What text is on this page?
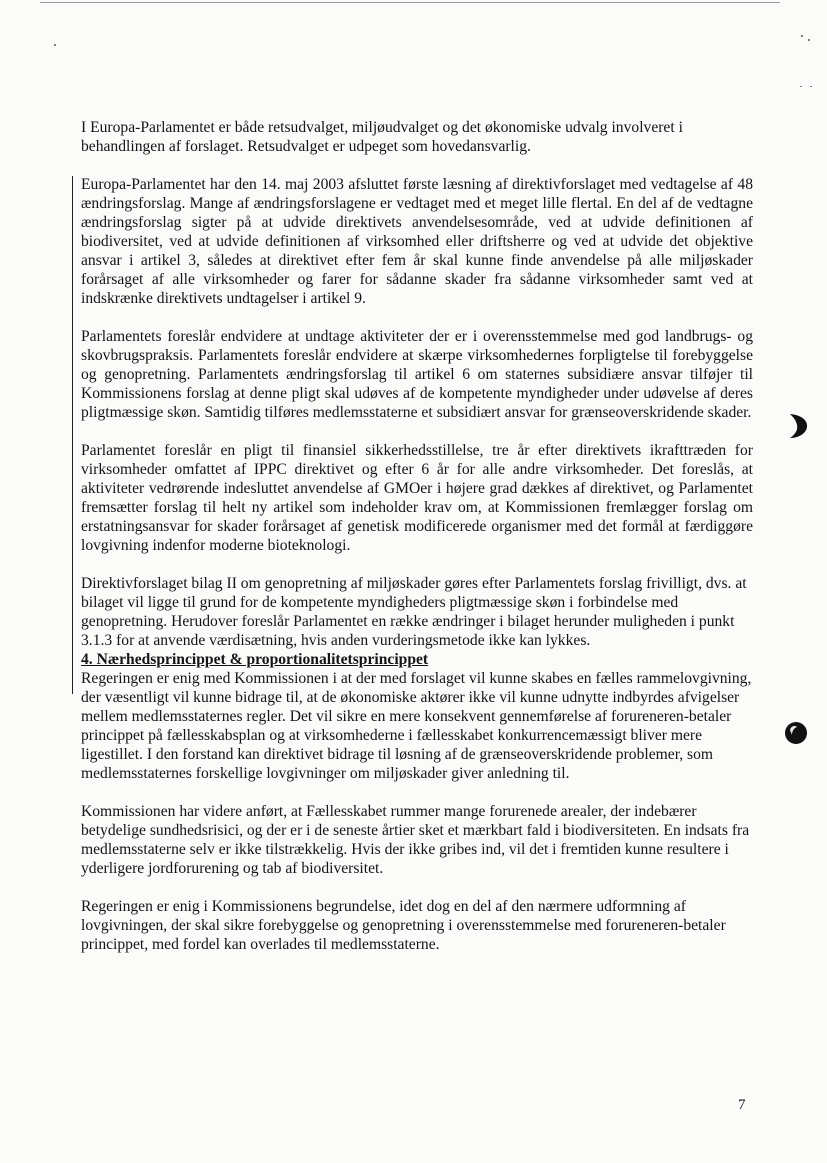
I Europa-Parlamentet er både retsudvalget, miljøudvalget og det økonomiske udvalg involveret i behandlingen af forslaget. Retsudvalget er udpeget som hovedansvarlig.

Europa-Parlamentet har den 14. maj 2003 afsluttet første læsning af direktivforslaget med vedtagelse af 48 ændringsforslag. Mange af ændringsforslagene er vedtaget med et meget lille flertal. En del af de vedtagne ændringsforslag sigter på at udvide direktivets anvendelsesområde, ved at udvide definitionen af biodiversitet, ved at udvide definitionen af virksomhed eller driftsherre og ved at udvide det objektive ansvar i artikel 3, således at direktivet efter fem år skal kunne finde anvendelse på alle miljøskader forårsaget af alle virksomheder og farer for sådanne skader fra sådanne virksomheder samt ved at indskrænke direktivets undtagelser i artikel 9.

Parlamentets foreslår endvidere at undtage aktiviteter der er i overensstemmelse med god landbrugs- og skovbrugspraksis. Parlamentets foreslår endvidere at skærpe virksomhedernes forpligtelse til forebyggelse og genopretning. Parlamentets ændringsforslag til artikel 6 om staternes subsidiære ansvar tilføjer til Kommissionens forslag at denne pligt skal udøves af de kompetente myndigheder under udøvelse af deres pligtmæssige skøn. Samtidig tilføres medlemsstaterne et subsidiært ansvar for grænseoverskridende skader.

Parlamentet foreslår en pligt til finansiel sikkerhedsstillelse, tre år efter direktivets ikrafttræden for virksomheder omfattet af IPPC direktivet og efter 6 år for alle andre virksomheder. Det foreslås, at aktiviteter vedrørende indesluttet anvendelse af GMOer i højere grad dækkes af direktivet, og Parlamentet fremsætter forslag til helt ny artikel som indeholder krav om, at Kommissionen fremlægger forslag om erstatningsansvar for skader forårsaget af genetisk modificerede organismer med det formål at færdiggøre lovgivning indenfor moderne bioteknologi.

Direktivforslaget bilag II om genopretning af miljøskader gøres efter Parlamentets forslag frivilligt, dvs. at bilaget vil ligge til grund for de kompetente myndigheders pligtmæssige skøn i forbindelse med genopretning. Herudover foreslår Parlamentet en række ændringer i bilaget herunder muligheden i punkt 3.1.3 for at anvende værdisætning, hvis anden vurderingsmetode ikke kan lykkes.

4. Nærhedsprincippet & proportionalitetsprincippet

Regeringen er enig med Kommissionen i at der med forslaget vil kunne skabes en fælles rammelovgivning, der væsentligt vil kunne bidrage til, at de økonomiske aktører ikke vil kunne udnytte indbyrdes afvigelser mellem medlemsstaternes regler. Det vil sikre en mere konsekvent gennemførelse af forureneren-betaler princippet på fællesskabsplan og at virksomhederne i fællesskabet konkurrencemæssigt bliver mere ligestillet. I den forstand kan direktivet bidrage til løsning af de grænseoverskridende problemer, som medlemsstaternes forskellige lovgivninger om miljøskader giver anledning til.

Kommissionen har videre anført, at Fællesskabet rummer mange forurenede arealer, der indebærer betydelige sundhedsrisici, og der er i de seneste årtier sket et mærkbart fald i biodiversiteten. En indsats fra medlemsstaterne selv er ikke tilstrækkelig. Hvis der ikke gribes ind, vil det i fremtiden kunne resultere i yderligere jordforurening og tab af biodiversitet.

Regeringen er enig i Kommissionens begrundelse, idet dog en del af den nærmere udformning af lovgivningen, der skal sikre forebyggelse og genopretning i overensstemmelse med forureneren-betaler princippet, med fordel kan overlades til medlemsstaterne.

7
